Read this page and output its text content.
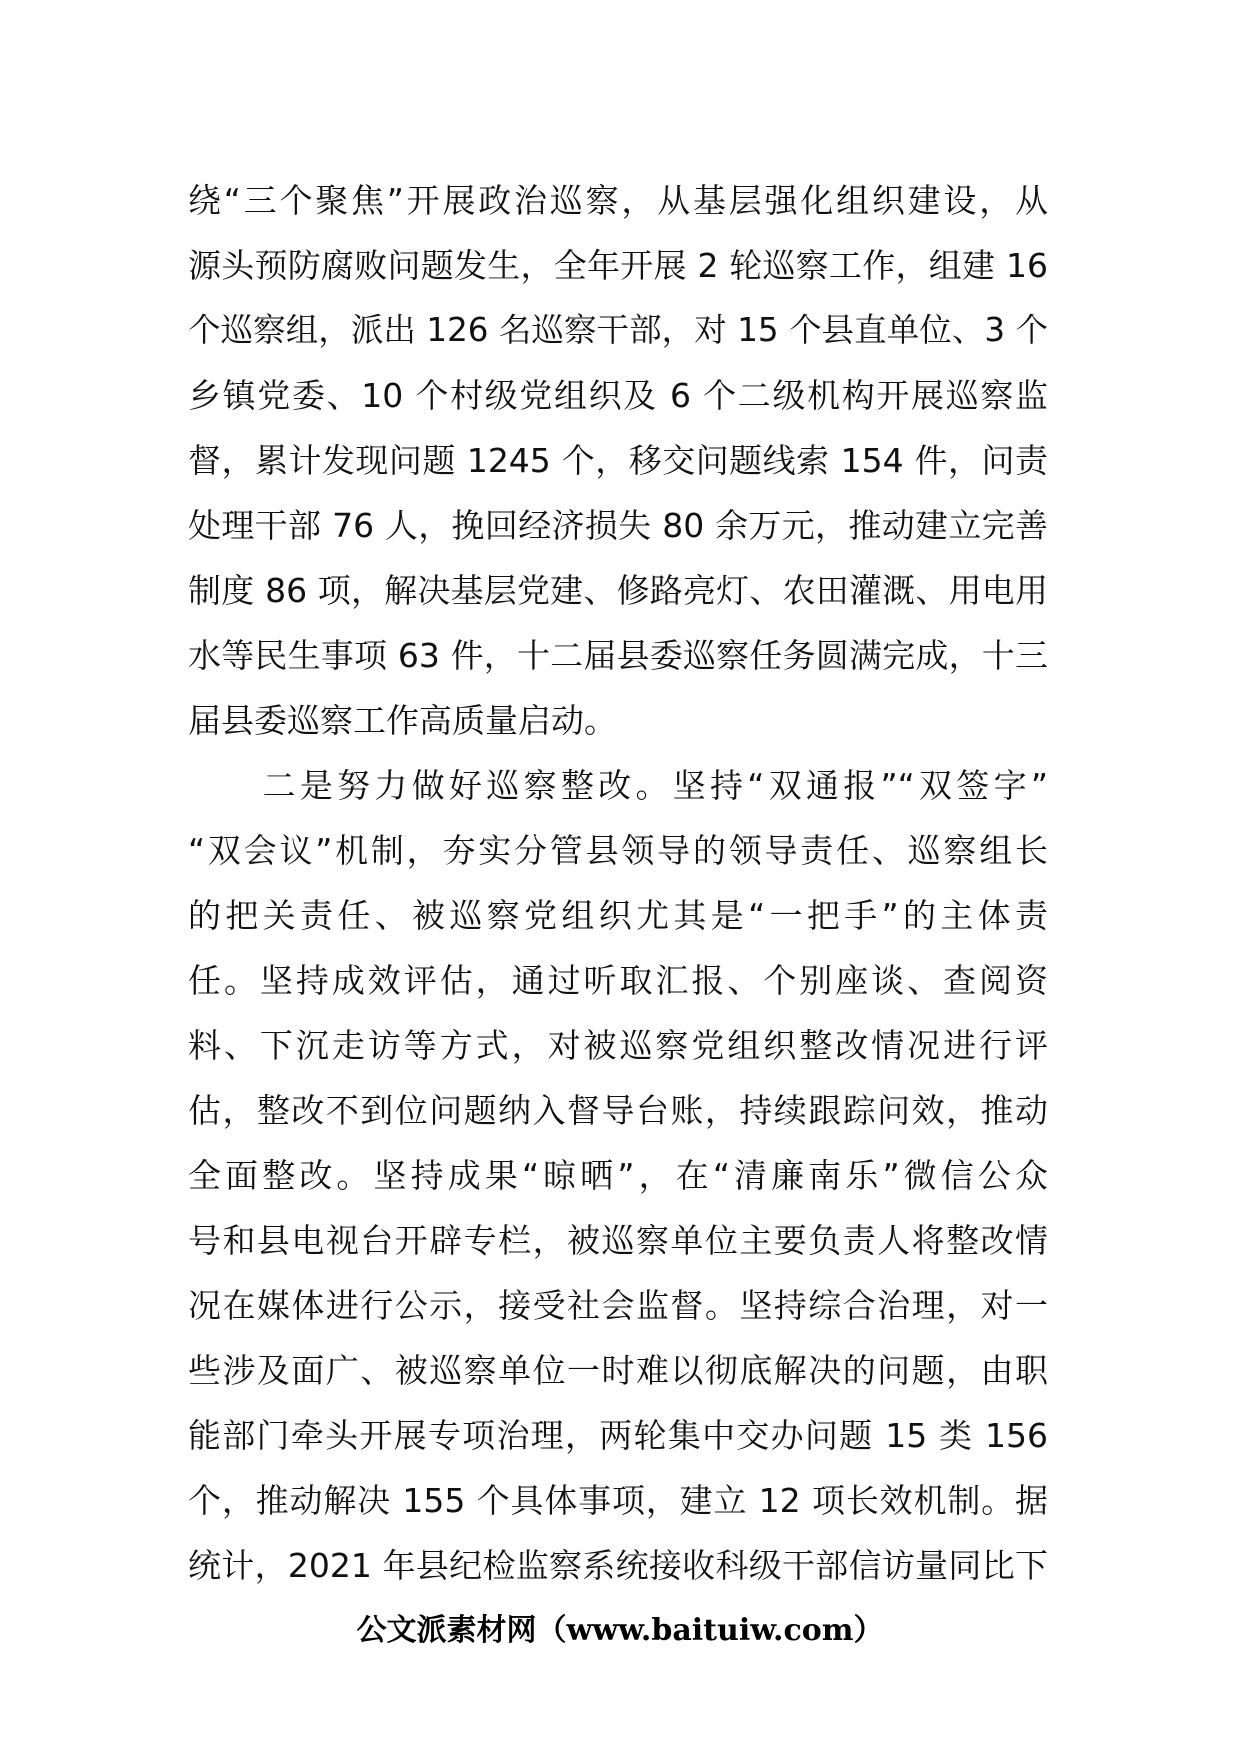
绕“三个聚焦”开展政治巡察，从基层强化组织建设，从
源头预防腐败问题发生，全年开展 2 轮巡察工作，组建 16
个巡察组，派出 126 名巡察干部，对 15 个县直单位、3 个
乡镇党委、10 个村级党组织及 6 个二级机构开展巡察监
督，累计发现问题 1245 个，移交问题线索 154 件，问责
处理干部 76 人，挽回经济损失 80 余万元，推动建立完善
制度 86 项，解决基层党建、修路亮灯、农田灌溉、用电用
水等民生事项 63 件，十二届县委巡察任务圆满完成，十三
届县委巡察工作高质量启动。
　　二是努力做好巡察整改。坚持“双通报”“双签字”
“双会议”机制，夯实分管县领导的领导责任、巡察组长
的把关责任、被巡察党组织尤其是“一把手”的主体责
任。坚持成效评估，通过听取汇报、个别座谈、查阅资
料、下沉走访等方式，对被巡察党组织整改情况进行评
估，整改不到位问题纳入督导台账，持续跟踪问效，推动
全面整改。坚持成果“晾晒”，在“清廉南乐”微信公众
号和县电视台开辟专栏，被巡察单位主要负责人将整改情
况在媒体进行公示，接受社会监督。坚持综合治理，对一
些涉及面广、被巡察单位一时难以彻底解决的问题，由职
能部门牵头开展专项治理，两轮集中交办问题 15 类 156
个，推动解决 155 个具体事项，建立 12 项长效机制。据
统计，2021 年县纪检监察系统接收科级干部信访量同比下
公文派素材网（www.baituiw.com）
